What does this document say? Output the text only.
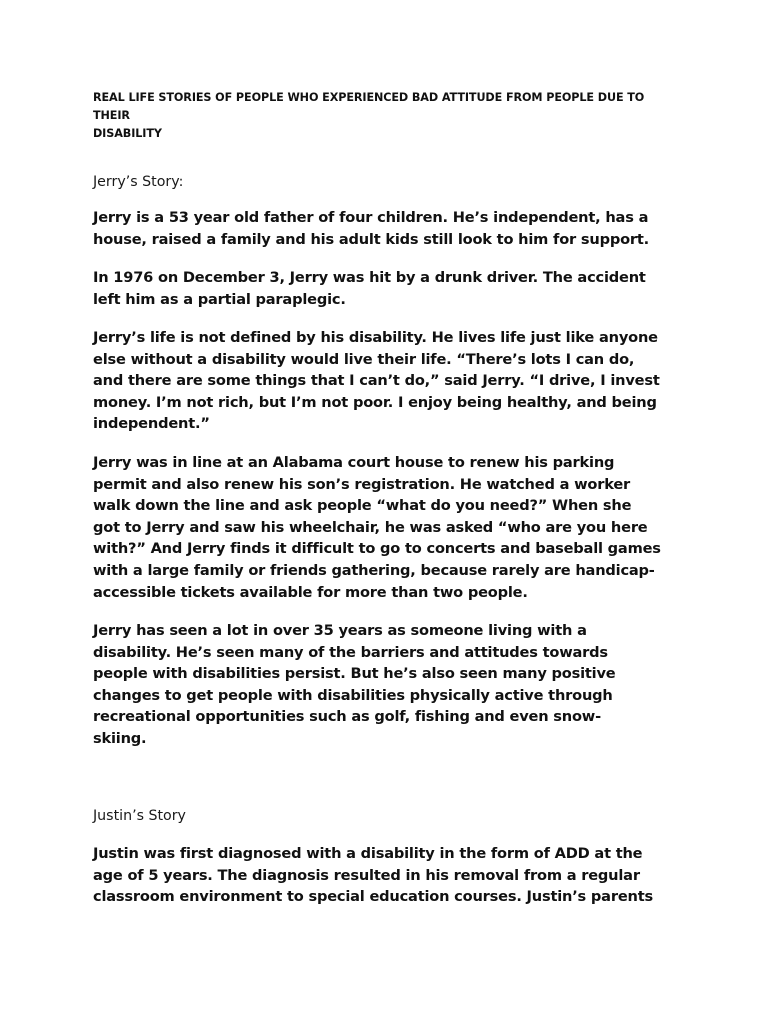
REAL LIFE STORIES OF PEOPLE WHO EXPERIENCED BAD ATTITUDE FROM PEOPLE DUE TO THEIR
DISABILITY
Jerry’s Story:

Jerry is a 53 year old father of four children. He’s independent, has a
house, raised a family and his adult kids still look to him for support.

In 1976 on December 3, Jerry was hit by a drunk driver. The accident
left him as a partial paraplegic.

Jerry’s life is not defined by his disability. He lives life just like anyone
else without a disability would live their life. “There’s lots I can do,
and there are some things that I can’t do,” said Jerry. “I drive, I invest
money. I’m not rich, but I’m not poor. I enjoy being healthy, and being
independent.”

Jerry was in line at an Alabama court house to renew his parking
permit and also renew his son’s registration. He watched a worker
walk down the line and ask people “what do you need?” When she
got to Jerry and saw his wheelchair, he was asked “who are you here
with?” And Jerry finds it difficult to go to concerts and baseball games
with a large family or friends gathering, because rarely are handicap-
accessible tickets available for more than two people.

Jerry has seen a lot in over 35 years as someone living with a
disability. He’s seen many of the barriers and attitudes towards
people with disabilities persist. But he’s also seen many positive
changes to get people with disabilities physically active through
recreational opportunities such as golf, fishing and even snow-
skiing.

Justin’s Story

Justin was first diagnosed with a disability in the form of ADD at the
age of 5 years. The diagnosis resulted in his removal from a regular
classroom environment to special education courses. Justin’s parents
